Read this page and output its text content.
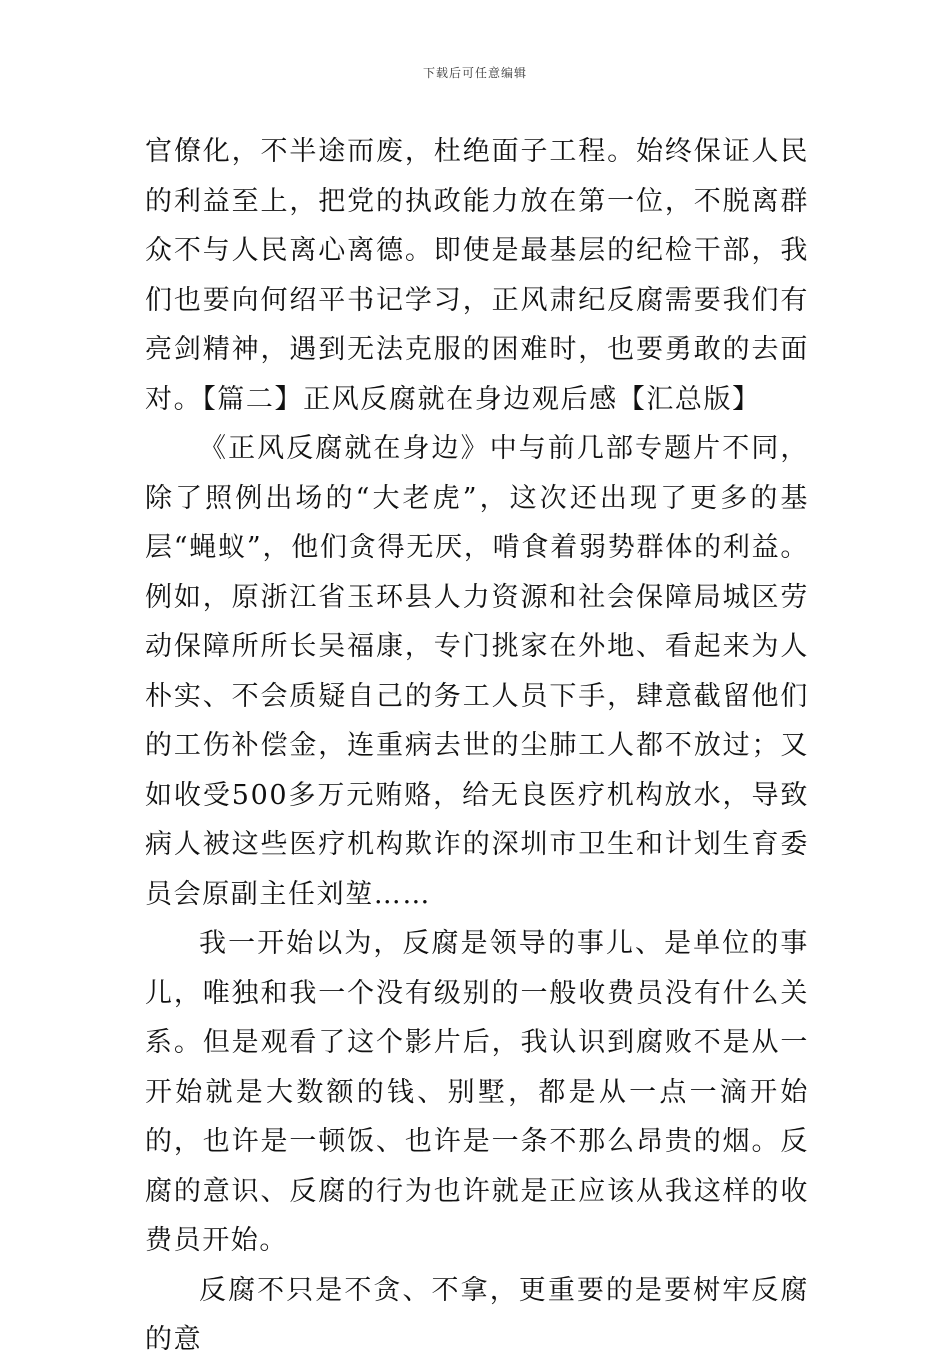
下载后可任意编辑

官僚化，不半途而废，杜绝面子工程。始终保证人民的利益至上，把党的执政能力放在第一位，不脱离群众不与人民离心离德。即使是最基层的纪检干部，我们也要向何绍平书记学习，正风肃纪反腐需要我们有亮剑精神，遇到无法克服的困难时，也要勇敢的去面对。【篇二】正风反腐就在身边观后感【汇总版】

《正风反腐就在身边》中与前几部专题片不同，除了照例出场的“大老虎”，这次还出现了更多的基层“蝇蚁”，他们贪得无厌，啃食着弱势群体的利益。例如，原浙江省玉环县人力资源和社会保障局城区劳动保障所所长吴福康，专门挑家在外地、看起来为人朴实、不会质疑自己的务工人员下手，肆意截留他们的工伤补偿金，连重病去世的尘肺工人都不放过；又如收受500多万元贿赂，给无良医疗机构放水，导致病人被这些医疗机构欺诈的深圳市卫生和计划生育委员会原副主任刘堃……

我一开始以为，反腐是领导的事儿、是单位的事儿，唯独和我一个没有级别的一般收费员没有什么关系。但是观看了这个影片后，我认识到腐败不是从一开始就是大数额的钱、别墅，都是从一点一滴开始的，也许是一顿饭、也许是一条不那么昂贵的烟。反腐的意识、反腐的行为也许就是正应该从我这样的收费员开始。

反腐不只是不贪、不拿，更重要的是要树牢反腐的意
